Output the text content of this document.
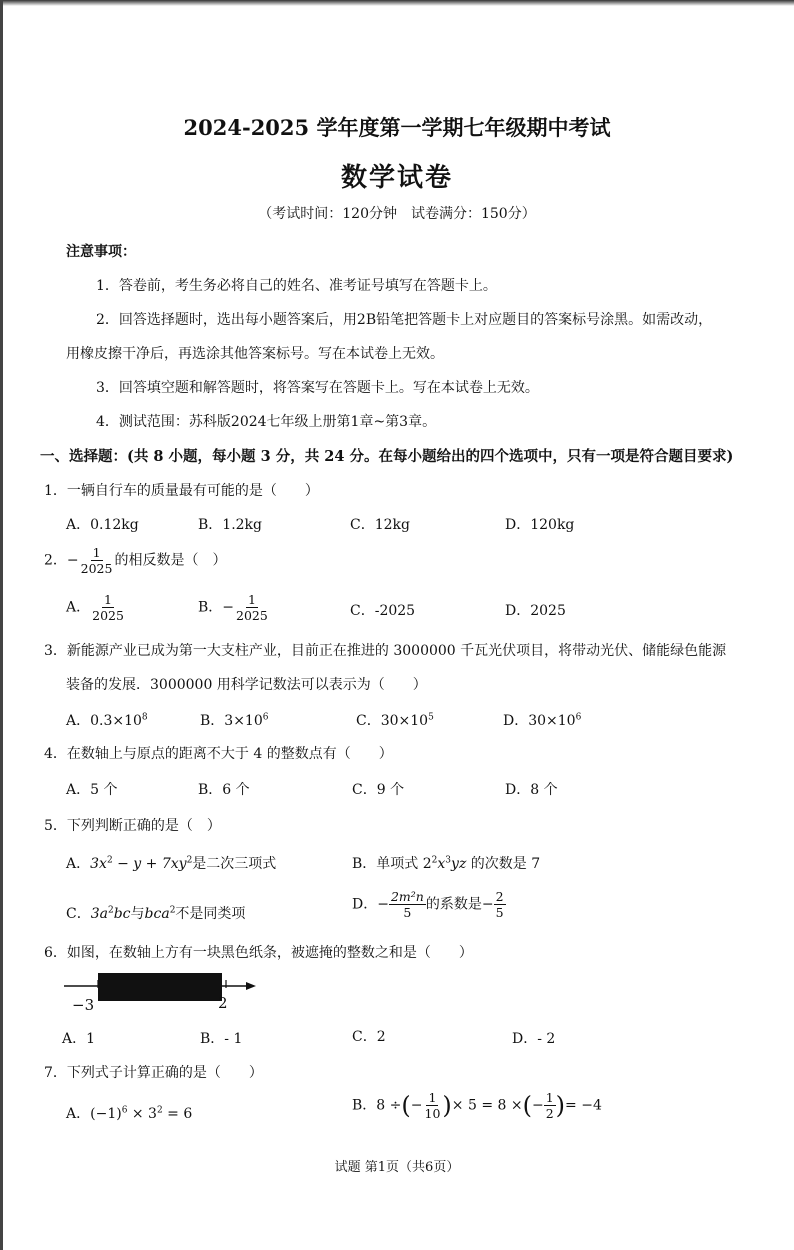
2024-2025 学年度第一学期七年级期中考试
数学试卷
（考试时间：120分钟　试卷满分：150分）
注意事项：
1．答卷前，考生务必将自己的姓名、准考证号填写在答题卡上。
2．回答选择题时，选出每小题答案后，用2B铅笔把答题卡上对应题目的答案标号涂黑。如需改动，
用橡皮擦干净后，再选涂其他答案标号。写在本试卷上无效。
3．回答填空题和解答题时，将答案写在答题卡上。写在本试卷上无效。
4．测试范围：苏科版2024七年级上册第1章~第3章。
一、选择题：(共 8 小题，每小题 3 分，共 24 分。在每小题给出的四个选项中，只有一项是符合题目要求)
1．一辆自行车的质量最有可能的是（　　）
A．0.12kg	B．1.2kg	C．12kg	D．120kg
2．− $\frac{1}{2025}$ 的相反数是（　）
A． $\frac{1}{2025}$	B．− $\frac{1}{2025}$	C．-2025	D．2025
3．新能源产业已成为第一大支柱产业，目前正在推进的 3000000 千瓦光伏项目，将带动光伏、储能绿色能源
装备的发展．3000000 用科学记数法可以表示为（　　）
A．$0.3\times 10^8$	B．$3\times 10^6$	C．$30\times 10^5$	D．$30\times 10^6$
4．在数轴上与原点的距离不大于 4 的整数点有（　　）
A．5 个	B．6 个	C．9 个	D．8 个
5．下列判断正确的是（　）
A．$3x^2 - y + 7xy^2$是二次三项式	B．单项式 $2^2x^3yz$ 的次数是 7
C．$3a^2bc$与bca$^2$不是同类项
D．− $\frac{\text{2m²n}}{5}$ 的系数是− $\frac{2}{5}$
6．如图，在数轴上方有一块黑色纸条，被遮掩的整数之和是（　　）
−3	2
A．1	B．- 1	C．2	D．- 2
7．下列式子计算正确的是（　　）
A．$(-1)^6 \times 3^2 = 6$
B．8 ÷(− $\frac{1}{10}$ )× 5 = 8 ×(− $\frac{1}{2}$ )= −4
试题 第1页（共6页）
